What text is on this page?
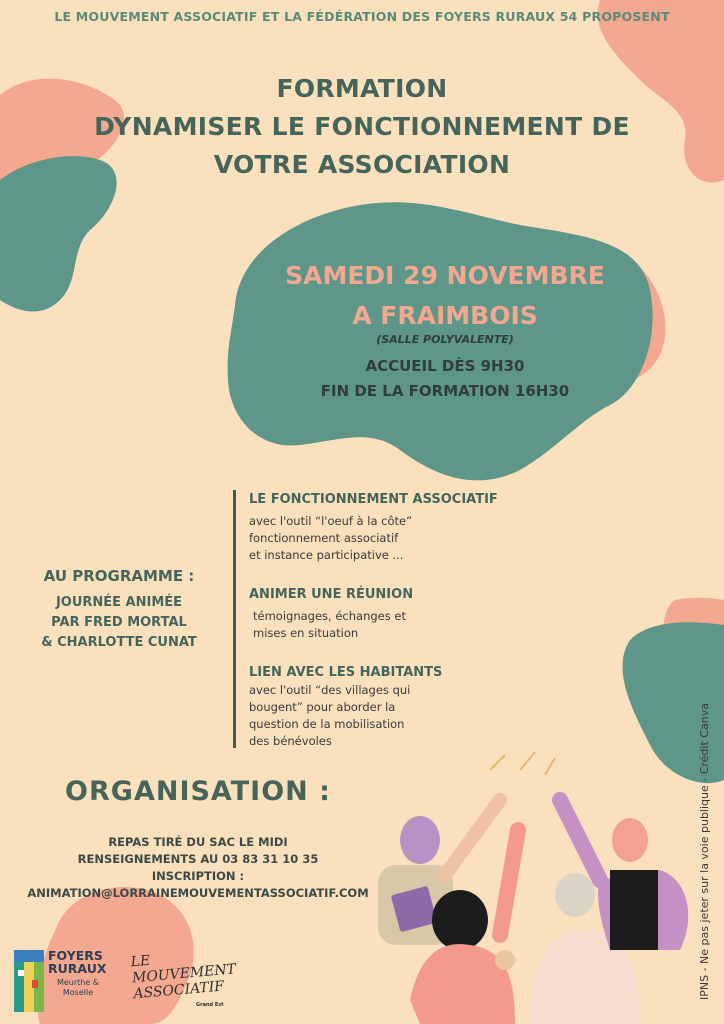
LE MOUVEMENT ASSOCIATIF ET LA FÉDÉRATION DES FOYERS RURAUX 54 PROPOSENT
FORMATION
DYNAMISER LE FONCTIONNEMENT DE
VOTRE ASSOCIATION
SAMEDI 29 NOVEMBRE
A FRAIMBOIS
(SALLE POLYVALENTE)
ACCUEIL DÈS 9H30
FIN DE LA FORMATION 16H30
AU PROGRAMME :
JOURNÉE ANIMÉE
PAR FRED MORTAL
& CHARLOTTE CUNAT
LE FONCTIONNEMENT ASSOCIATIF
avec l'outil “l'oeuf à la côte”
fonctionnement associatif
et instance participative ...
ANIMER UNE RÉUNION
témoignages, échanges et
mises en situation
LIEN AVEC LES HABITANTS
avec l'outil “des villages qui
bougent” pour aborder la
question de la mobilisation
des bénévoles
ORGANISATION :
REPAS TIRÉ DU SAC LE MIDI
RENSEIGNEMENTS AU 03 83 31 10 35
INSCRIPTION :
ANIMATION@LORRAINEMOUVEMENTASSOCIATIF.COM	IPNS - Ne pas jeter sur la voie publique - Crédit Canva
FOYERS RURAUX
Meurthe & Moselle
LE MOUVEMENT ASSOCIATIF
Grand Est
